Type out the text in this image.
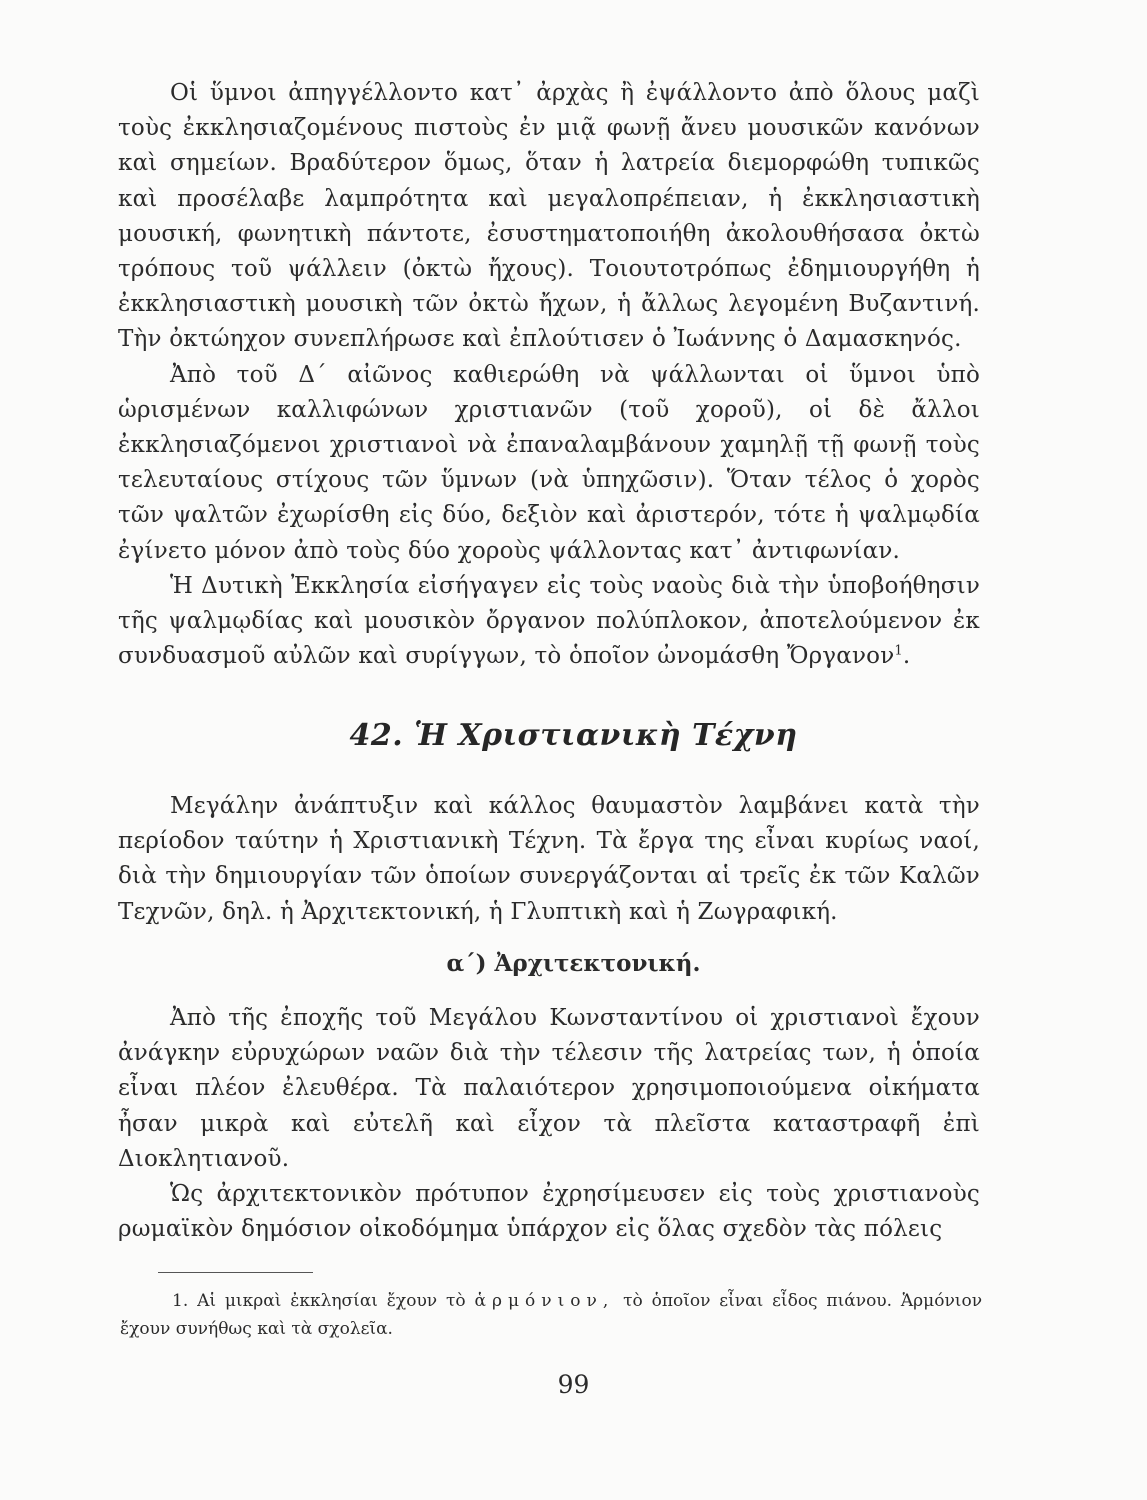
Οἱ ὕμνοι ἀπηγγέλλοντο κατ᾽ ἀρχὰς ἢ ἐψάλλοντο ἀπὸ ὅλους μαζὶ τοὺς ἐκκλησιαζομένους πιστοὺς ἐν μιᾷ φωνῇ ἄνευ μουσικῶν κανόνων καὶ σημείων. Βραδύτερον ὅμως, ὅταν ἡ λατρεία διεμορφώθη τυπικῶς καὶ προσέλαβε λαμπρότητα καὶ μεγαλοπρέπειαν, ἡ ἐκκλησιαστικὴ μουσική, φωνητικὴ πάντοτε, ἐσυστηματοποιήθη ἀκολουθήσασα ὀκτὼ τρόπους τοῦ ψάλλειν (ὀκτὼ ἤχους). Τοιουτοτρόπως ἐδημιουργήθη ἡ ἐκκλησιαστικὴ μουσικὴ τῶν ὀκτὼ ἤχων, ἡ ἄλλως λεγομένη Βυζαντινή. Τὴν ὀκτώηχον συνεπλήρωσε καὶ ἐπλούτισεν ὁ Ἰωάννης ὁ Δαμασκηνός.

Ἀπὸ τοῦ Δ΄ αἰῶνος καθιερώθη νὰ ψάλλωνται οἱ ὕμνοι ὑπὸ ὡρισμένων καλλιφώνων χριστιανῶν (τοῦ χοροῦ), οἱ δὲ ἄλλοι ἐκκλησιαζόμενοι χριστιανοὶ νὰ ἐπαναλαμβάνουν χαμηλῇ τῇ φωνῇ τοὺς τελευταίους στίχους τῶν ὕμνων (νὰ ὑπηχῶσιν). Ὅταν τέλος ὁ χορὸς τῶν ψαλτῶν ἐχωρίσθη εἰς δύο, δεξιὸν καὶ ἀριστερόν, τότε ἡ ψαλμῳδία ἐγίνετο μόνον ἀπὸ τοὺς δύο χοροὺς ψάλλοντας κατ᾽ ἀντιφωνίαν.

Ἡ Δυτικὴ Ἐκκλησία εἰσήγαγεν εἰς τοὺς ναοὺς διὰ τὴν ὑποβοήθησιν τῆς ψαλμῳδίας καὶ μουσικὸν ὄργανον πολύπλοκον, ἀποτελούμενον ἐκ συνδυασμοῦ αὐλῶν καὶ συρίγγων, τὸ ὁποῖον ὠνομάσθη Ὄργανον$^1$.

42. Ἡ Χριστιανικὴ Τέχνη

Μεγάλην ἀνάπτυξιν καὶ κάλλος θαυμαστὸν λαμβάνει κατὰ τὴν περίοδον ταύτην ἡ Χριστιανικὴ Τέχνη. Τὰ ἔργα της εἶναι κυρίως ναοί, διὰ τὴν δημιουργίαν τῶν ὁποίων συνεργάζονται αἱ τρεῖς ἐκ τῶν Καλῶν Τεχνῶν, δηλ. ἡ Ἀρχιτεκτονική, ἡ Γλυπτικὴ καὶ ἡ Ζωγραφική.

α΄) Ἀρχιτεκτονική.

Ἀπὸ τῆς ἐποχῆς τοῦ Μεγάλου Κωνσταντίνου οἱ χριστιανοὶ ἔχουν ἀνάγκην εὐρυχώρων ναῶν διὰ τὴν τέλεσιν τῆς λατρείας των, ἡ ὁποία εἶναι πλέον ἐλευθέρα. Τὰ παλαιότερον χρησιμοποιούμενα οἰκήματα ἦσαν μικρὰ καὶ εὐτελῆ καὶ εἶχον τὰ πλεῖστα καταστραφῆ ἐπὶ Διοκλητιανοῦ.

Ὡς ἀρχιτεκτονικὸν πρότυπον ἐχρησίμευσεν εἰς τοὺς χριστιανοὺς ρωμαϊκὸν δημόσιον οἰκοδόμημα ὑπάρχον εἰς ὅλας σχεδὸν τὰς πόλεις

1. Αἱ μικραὶ ἐκκλησίαι ἔχουν τὸ ἁρμόνιον, τὸ ὁποῖον εἶναι εἶδος πιάνου. Ἁρμόνιον ἔχουν συνήθως καὶ τὰ σχολεῖα.

99
